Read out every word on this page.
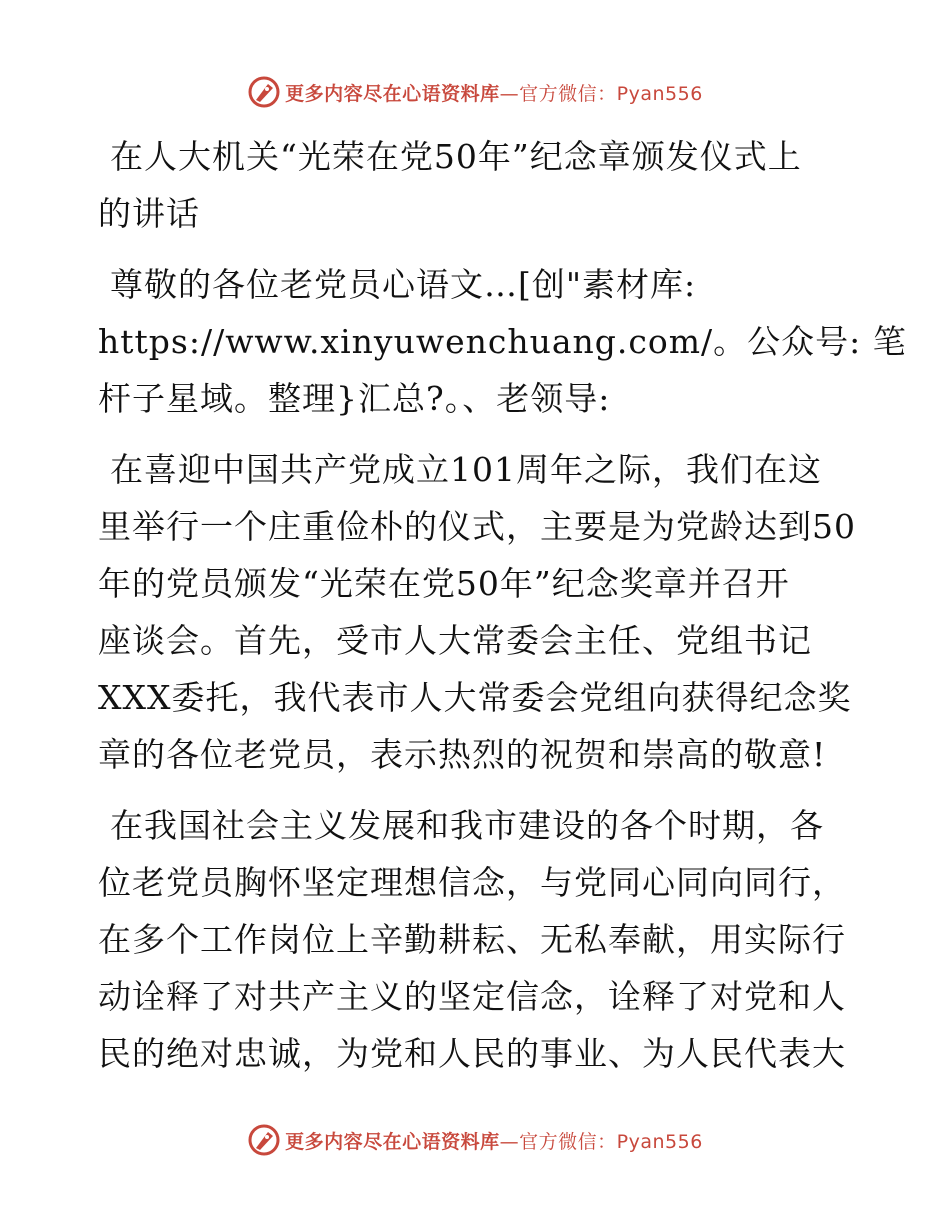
更多内容尽在心语资料库—官方微信：Pyan556
在人大机关“光荣在党50年”纪念章颁发仪式上
的讲话
尊敬的各位老党员心语文…[创"素材库:
https://www.xinyuwenchuang.com/。公众号: 笔
杆子星域。整理}汇总?。、老领导:
在喜迎中国共产党成立101周年之际，我们在这
里举行一个庄重俭朴的仪式，主要是为党龄达到50
年的党员颁发“光荣在党50年”纪念奖章并召开
座谈会。首先，受市人大常委会主任、党组书记
XXX委托，我代表市人大常委会党组向获得纪念奖
章的各位老党员，表示热烈的祝贺和崇高的敬意!
在我国社会主义发展和我市建设的各个时期，各
位老党员胸怀坚定理想信念，与党同心同向同行，
在多个工作岗位上辛勤耕耘、无私奉献，用实际行
动诠释了对共产主义的坚定信念，诠释了对党和人
民的绝对忠诚，为党和人民的事业、为人民代表大
更多内容尽在心语资料库—官方微信：Pyan556
